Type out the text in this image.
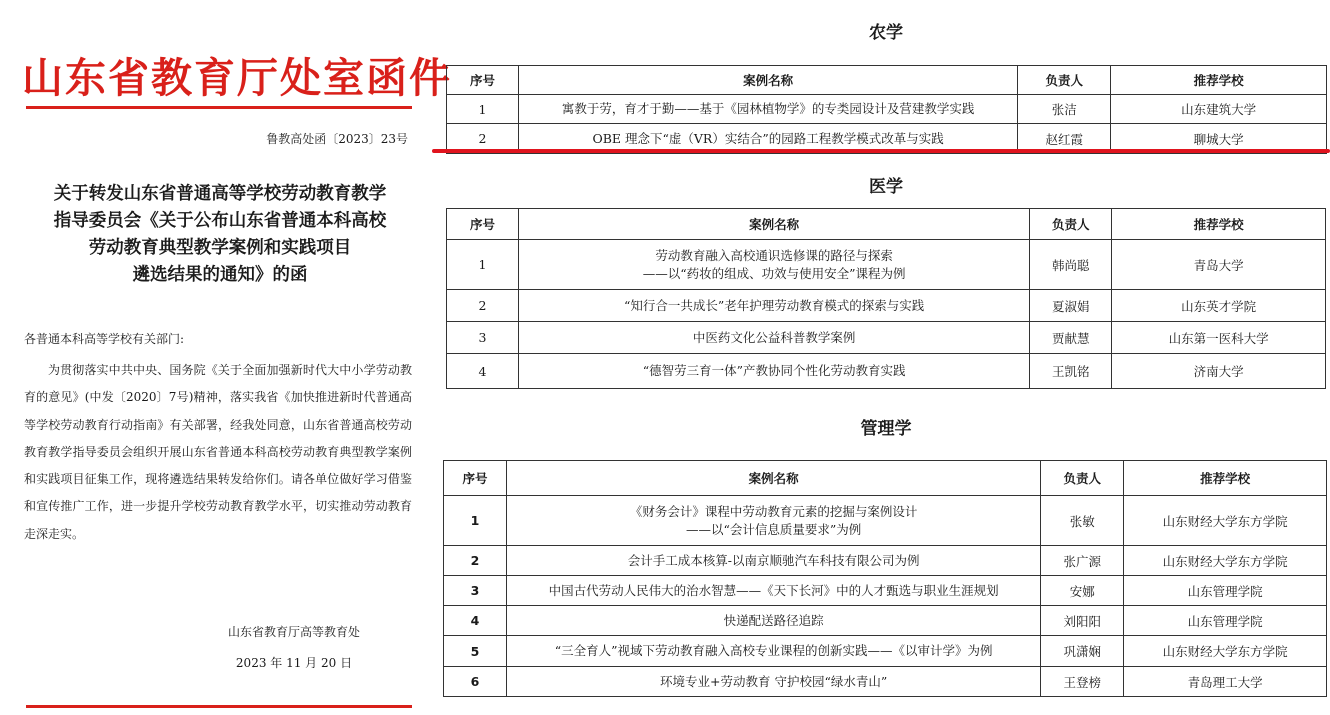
山东省教育厅处室函件
鲁教高处函〔2023〕23号
关于转发山东省普通高等学校劳动教育教学
指导委员会《关于公布山东省普通本科高校
劳动教育典型教学案例和实践项目
遴选结果的通知》的函
各普通本科高等学校有关部门:
为贯彻落实中共中央、国务院《关于全面加强新时代大中小学劳动教育的意见》(中发〔2020〕7号)精神，落实我省《加快推进新时代普通高等学校劳动教育行动指南》有关部署，经我处同意，山东省普通高校劳动教育教学指导委员会组织开展山东省普通本科高校劳动教育典型教学案例和实践项目征集工作，现将遴选结果转发给你们。请各单位做好学习借鉴和宣传推广工作，进一步提升学校劳动教育教学水平，切实推动劳动教育走深走实。
山东省教育厅高等教育处
2023 年 11 月 20 日
农学
序号	案例名称	负责人	推荐学校
1	寓教于劳，育才于勤——基于《园林植物学》的专类园设计及营建教学实践	张洁	山东建筑大学
2	OBE 理念下“虚（VR）实结合”的园路工程教学模式改革与实践	赵红霞	聊城大学
医学
序号	案例名称	负责人	推荐学校
1	劳动教育融入高校通识选修课的路径与探索
——以“药妆的组成、功效与使用安全”课程为例	韩尚聪	青岛大学
2	“知行合一共成长”老年护理劳动教育模式的探索与实践	夏淑娟	山东英才学院
3	中医药文化公益科普教学案例	贾献慧	山东第一医科大学
4	“德智劳三育一体”产教协同个性化劳动教育实践	王凯铭	济南大学
管理学
序号	案例名称	负责人	推荐学校
1	《财务会计》课程中劳动教育元素的挖掘与案例设计
——以“会计信息质量要求”为例	张敏	山东财经大学东方学院
2	会计手工成本核算-以南京顺驰汽车科技有限公司为例	张广源	山东财经大学东方学院
3	中国古代劳动人民伟大的治水智慧——《天下长河》中的人才甄选与职业生涯规划	安娜	山东管理学院
4	快递配送路径追踪	刘阳阳	山东管理学院
5	“三全育人”视域下劳动教育融入高校专业课程的创新实践——《以审计学》为例	巩潇娴	山东财经大学东方学院
6	环境专业+劳动教育 守护校园“绿水青山”	王登榜	青岛理工大学
